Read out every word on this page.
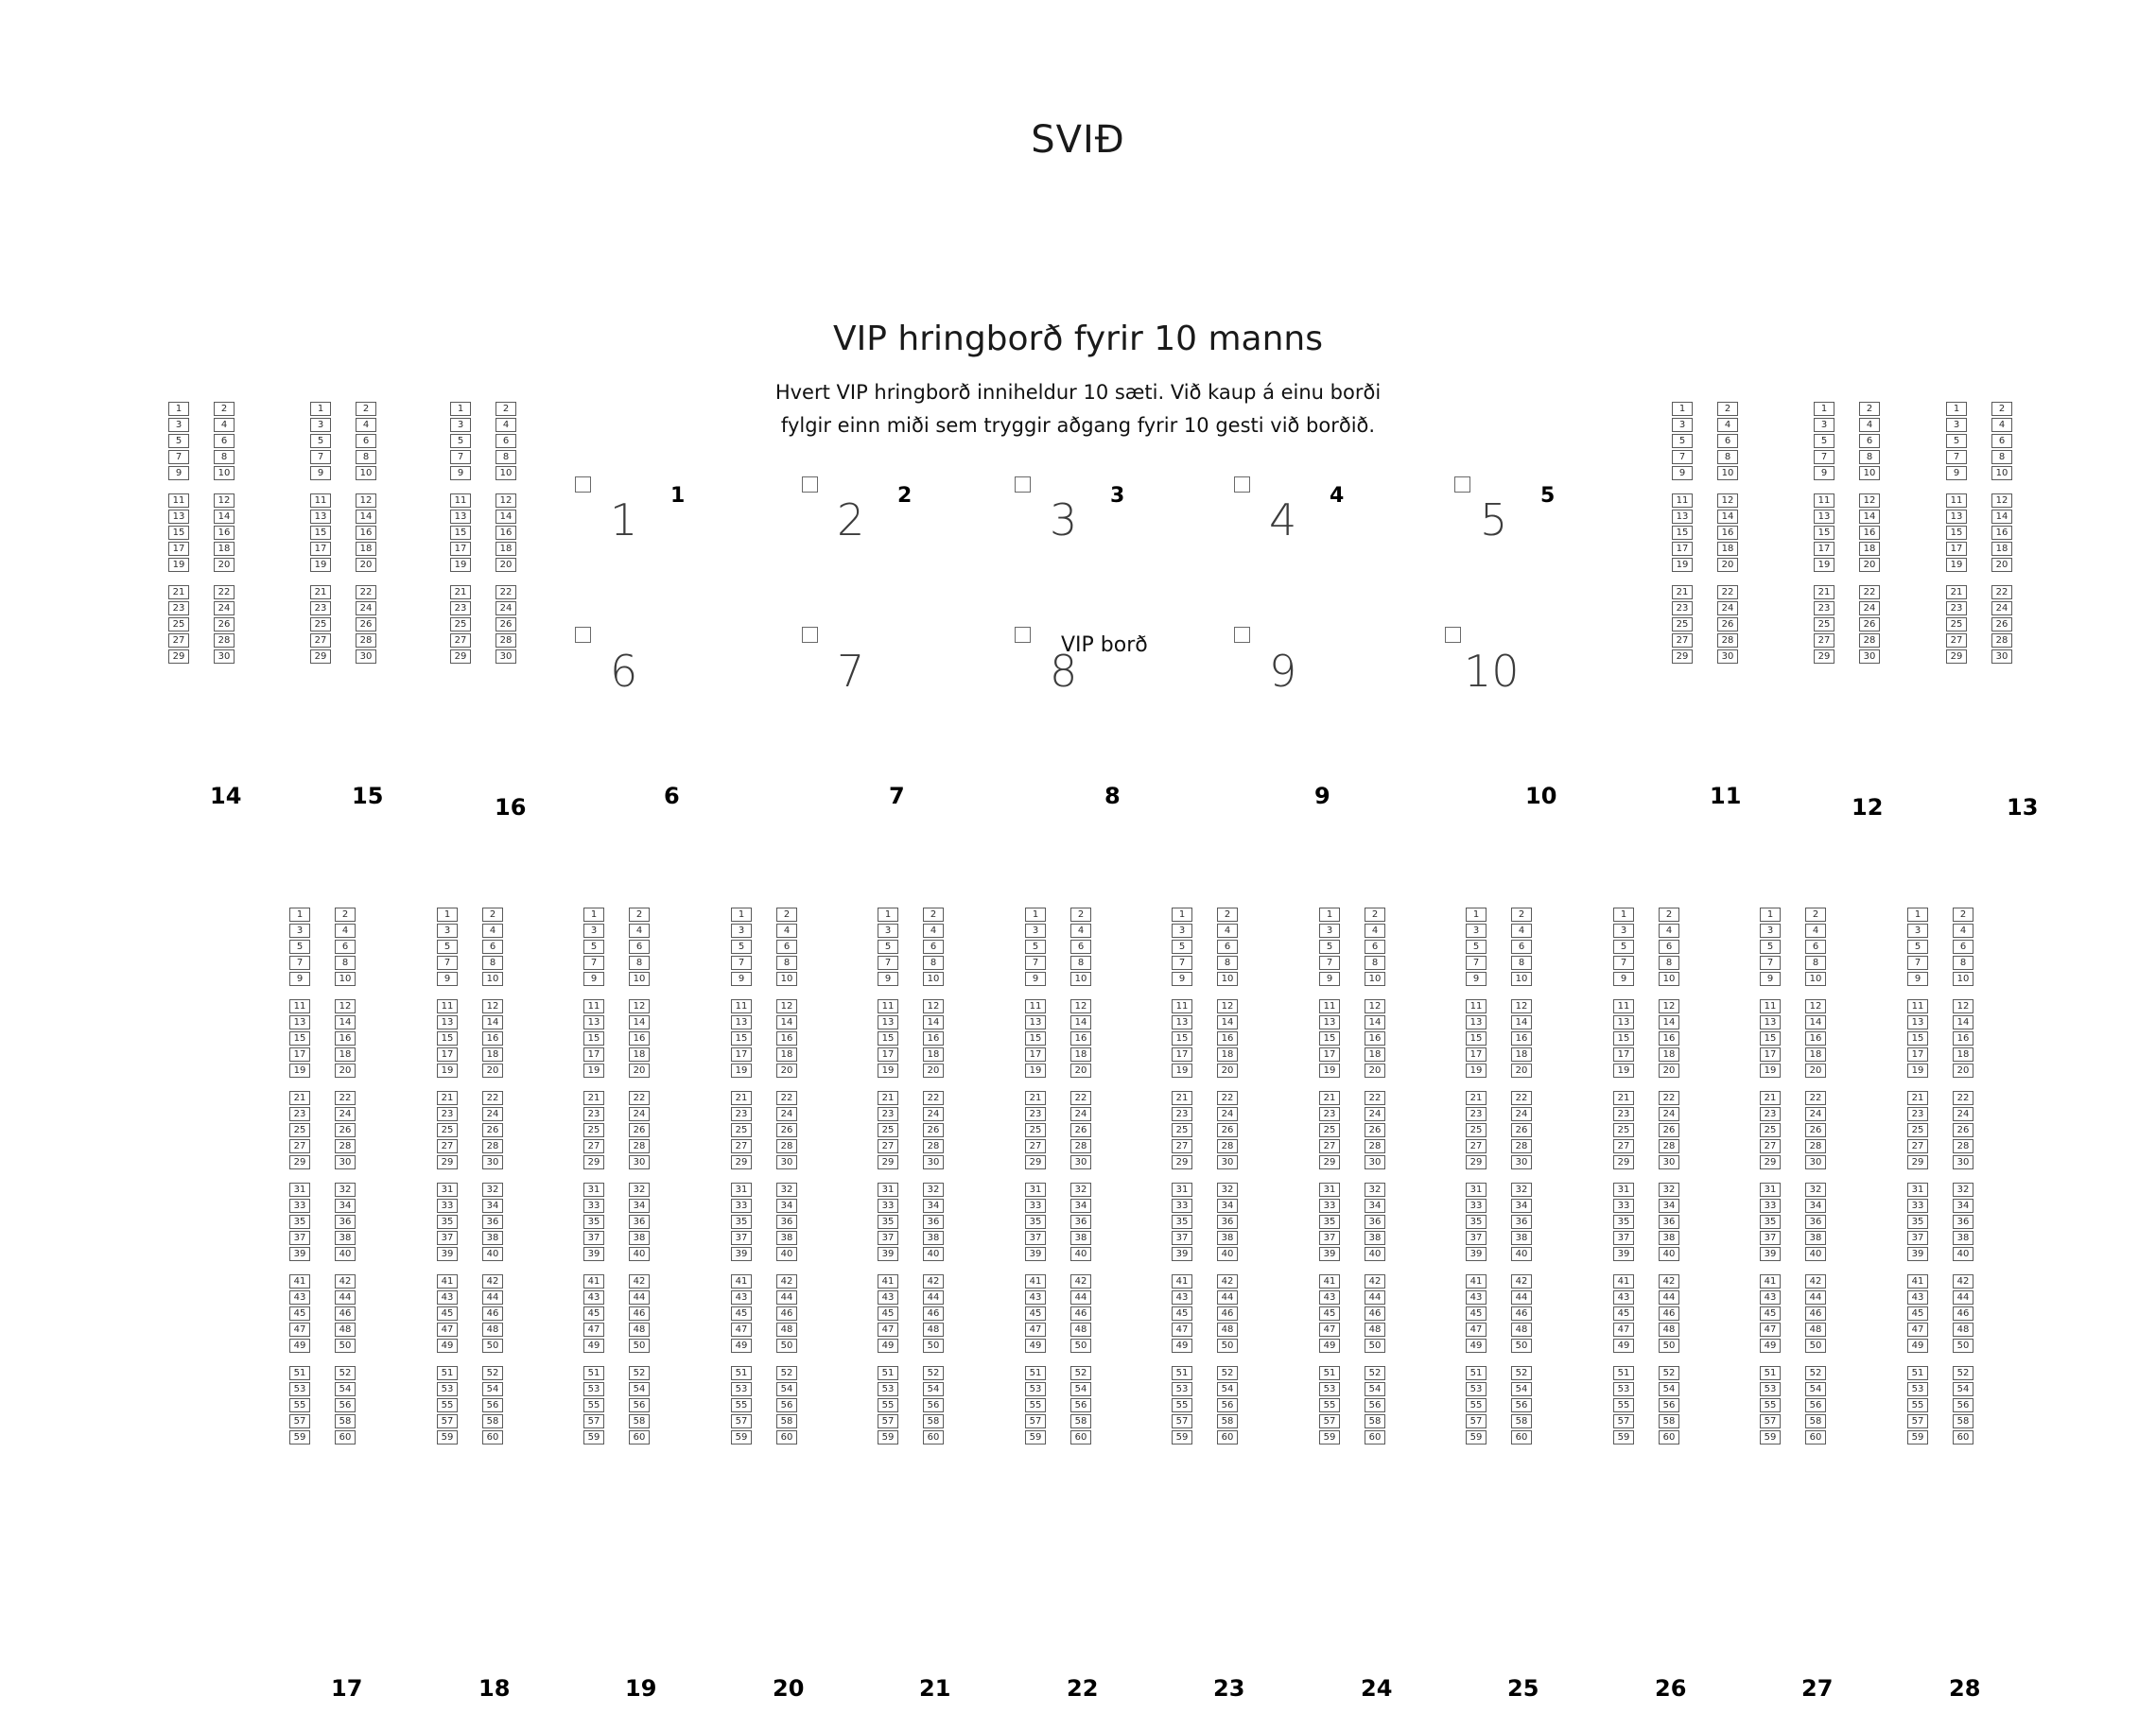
SVIÐ
VIP hringborð fyrir 10 manns
Hvert VIP hringborð inniheldur 10 sæti. Við kaup á einu borði
fylgir einn miði sem tryggir aðgang fyrir 10 gesti við borðið.
VIP borð
1	2
3	4
5	6
7	8
9	10
11	12
13	14
15	16
17	18
19	20
21	22
23	24
25	26
27	28
29	30
14
1	2
3	4
5	6
7	8
9	10
11	12
13	14
15	16
17	18
19	20
21	22
23	24
25	26
27	28
29	30
15
1	2
3	4
5	6
7	8
9	10
11	12
13	14
15	16
17	18
19	20
21	22
23	24
25	26
27	28
29	30
16	6	7	8	9	10
1	2
3	4
5	6
7	8
9	10
11	12
13	14
15	16
17	18
19	20
21	22
23	24
25	26
27	28
29	30
11
1	2
3	4
5	6
7	8
9	10
11	12
13	14
15	16
17	18
19	20
21	22
23	24
25	26
27	28
29	30
12
1	2
3	4
5	6
7	8
9	10
11	12
13	14
15	16
17	18
19	20
21	22
23	24
25	26
27	28
29	30
13
1 1	2 2	3 3	4 4	5 5
6	7	8	9	10
1	2
3	4
5	6
7	8
9	10
11	12
13	14
15	16
17	18
19	20
21	22
23	24
25	26
27	28
29	30
31	32
33	34
35	36
37	38
39	40
41	42
43	44
45	46
47	48
49	50
51	52
53	54
55	56
57	58
59	60
17
1	2
3	4
5	6
7	8
9	10
11	12
13	14
15	16
17	18
19	20
21	22
23	24
25	26
27	28
29	30
31	32
33	34
35	36
37	38
39	40
41	42
43	44
45	46
47	48
49	50
51	52
53	54
55	56
57	58
59	60
18
1	2
3	4
5	6
7	8
9	10
11	12
13	14
15	16
17	18
19	20
21	22
23	24
25	26
27	28
29	30
31	32
33	34
35	36
37	38
39	40
41	42
43	44
45	46
47	48
49	50
51	52
53	54
55	56
57	58
59	60
19
1	2
3	4
5	6
7	8
9	10
11	12
13	14
15	16
17	18
19	20
21	22
23	24
25	26
27	28
29	30
31	32
33	34
35	36
37	38
39	40
41	42
43	44
45	46
47	48
49	50
51	52
53	54
55	56
57	58
59	60
20
1	2
3	4
5	6
7	8
9	10
11	12
13	14
15	16
17	18
19	20
21	22
23	24
25	26
27	28
29	30
31	32
33	34
35	36
37	38
39	40
41	42
43	44
45	46
47	48
49	50
51	52
53	54
55	56
57	58
59	60
21
1	2
3	4
5	6
7	8
9	10
11	12
13	14
15	16
17	18
19	20
21	22
23	24
25	26
27	28
29	30
31	32
33	34
35	36
37	38
39	40
41	42
43	44
45	46
47	48
49	50
51	52
53	54
55	56
57	58
59	60
22
1	2
3	4
5	6
7	8
9	10
11	12
13	14
15	16
17	18
19	20
21	22
23	24
25	26
27	28
29	30
31	32
33	34
35	36
37	38
39	40
41	42
43	44
45	46
47	48
49	50
51	52
53	54
55	56
57	58
59	60
23
1	2
3	4
5	6
7	8
9	10
11	12
13	14
15	16
17	18
19	20
21	22
23	24
25	26
27	28
29	30
31	32
33	34
35	36
37	38
39	40
41	42
43	44
45	46
47	48
49	50
51	52
53	54
55	56
57	58
59	60
24
1	2
3	4
5	6
7	8
9	10
11	12
13	14
15	16
17	18
19	20
21	22
23	24
25	26
27	28
29	30
31	32
33	34
35	36
37	38
39	40
41	42
43	44
45	46
47	48
49	50
51	52
53	54
55	56
57	58
59	60
25
1	2
3	4
5	6
7	8
9	10
11	12
13	14
15	16
17	18
19	20
21	22
23	24
25	26
27	28
29	30
31	32
33	34
35	36
37	38
39	40
41	42
43	44
45	46
47	48
49	50
51	52
53	54
55	56
57	58
59	60
26
1	2
3	4
5	6
7	8
9	10
11	12
13	14
15	16
17	18
19	20
21	22
23	24
25	26
27	28
29	30
31	32
33	34
35	36
37	38
39	40
41	42
43	44
45	46
47	48
49	50
51	52
53	54
55	56
57	58
59	60
27
1	2
3	4
5	6
7	8
9	10
11	12
13	14
15	16
17	18
19	20
21	22
23	24
25	26
27	28
29	30
31	32
33	34
35	36
37	38
39	40
41	42
43	44
45	46
47	48
49	50
51	52
53	54
55	56
57	58
59	60
28
